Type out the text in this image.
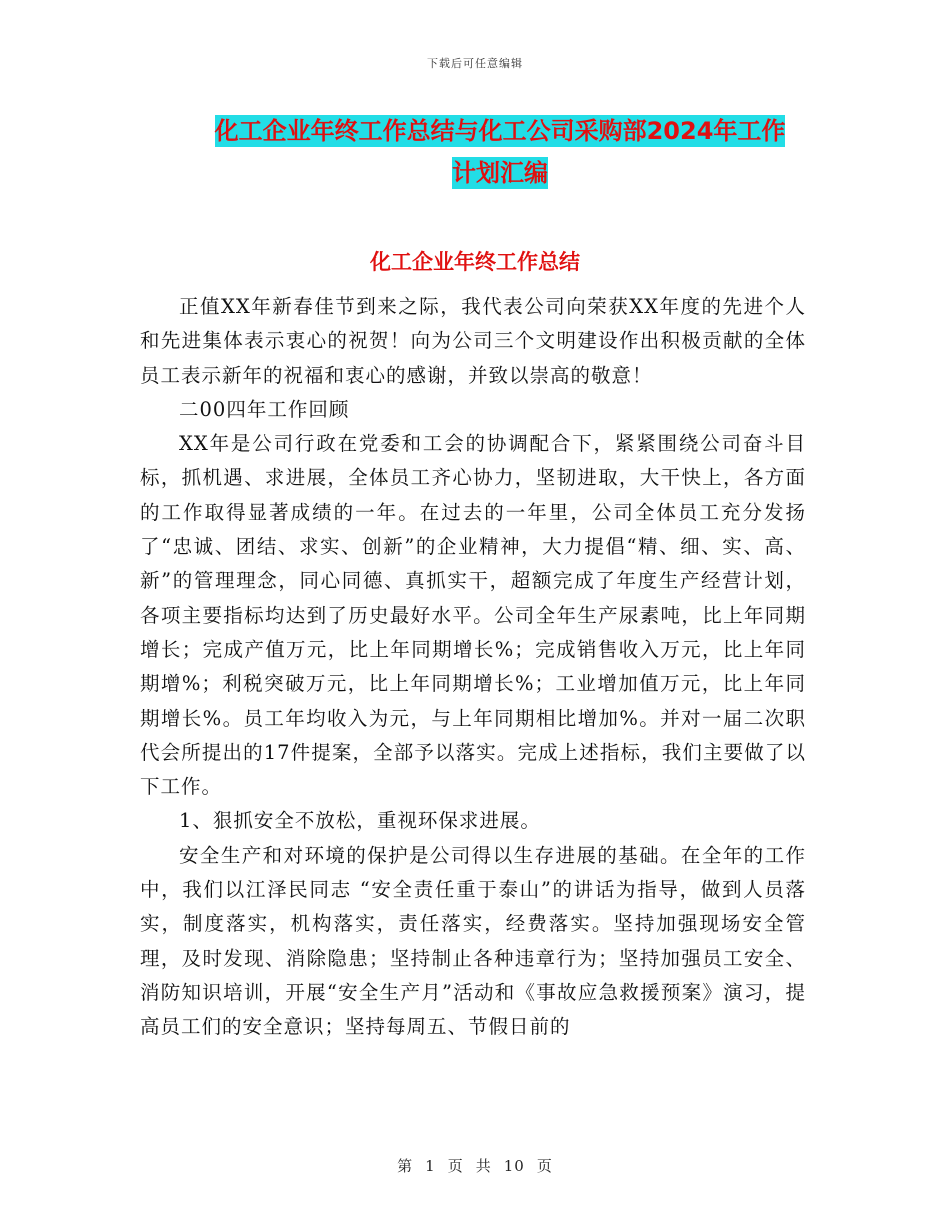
下载后可任意编辑
化工企业年终工作总结与化工公司采购部2024年工作
计划汇编
化工企业年终工作总结

正值XX年新春佳节到来之际，我代表公司向荣获XX年度的先进个人和先进集体表示衷心的祝贺！向为公司三个文明建设作出积极贡献的全体员工表示新年的祝福和衷心的感谢，并致以崇高的敬意！

二00四年工作回顾

XX年是公司行政在党委和工会的协调配合下，紧紧围绕公司奋斗目标，抓机遇、求进展，全体员工齐心协力，坚韧进取，大干快上，各方面的工作取得显著成绩的一年。在过去的一年里，公司全体员工充分发扬了“忠诚、团结、求实、创新”的企业精神，大力提倡“精、细、实、高、新”的管理理念，同心同德、真抓实干，超额完成了年度生产经营计划，各项主要指标均达到了历史最好水平。公司全年生产尿素吨，比上年同期增长；完成产值万元，比上年同期增长%；完成销售收入万元，比上年同期增%；利税突破万元，比上年同期增长%；工业增加值万元，比上年同期增长%。员工年均收入为元，与上年同期相比增加%。并对一届二次职代会所提出的17件提案，全部予以落实。完成上述指标，我们主要做了以下工作。

1、狠抓安全不放松，重视环保求进展。

安全生产和对环境的保护是公司得以生存进展的基础。在全年的工作中，我们以江泽民同志 “安全责任重于泰山”的讲话为指导，做到人员落实，制度落实，机构落实，责任落实，经费落实。坚持加强现场安全管理，及时发现、消除隐患；坚持制止各种违章行为；坚持加强员工安全、消防知识培训，开展“安全生产月”活动和《事故应急救援预案》演习，提高员工们的安全意识；坚持每周五、节假日前的

第 1 页 共 10 页
